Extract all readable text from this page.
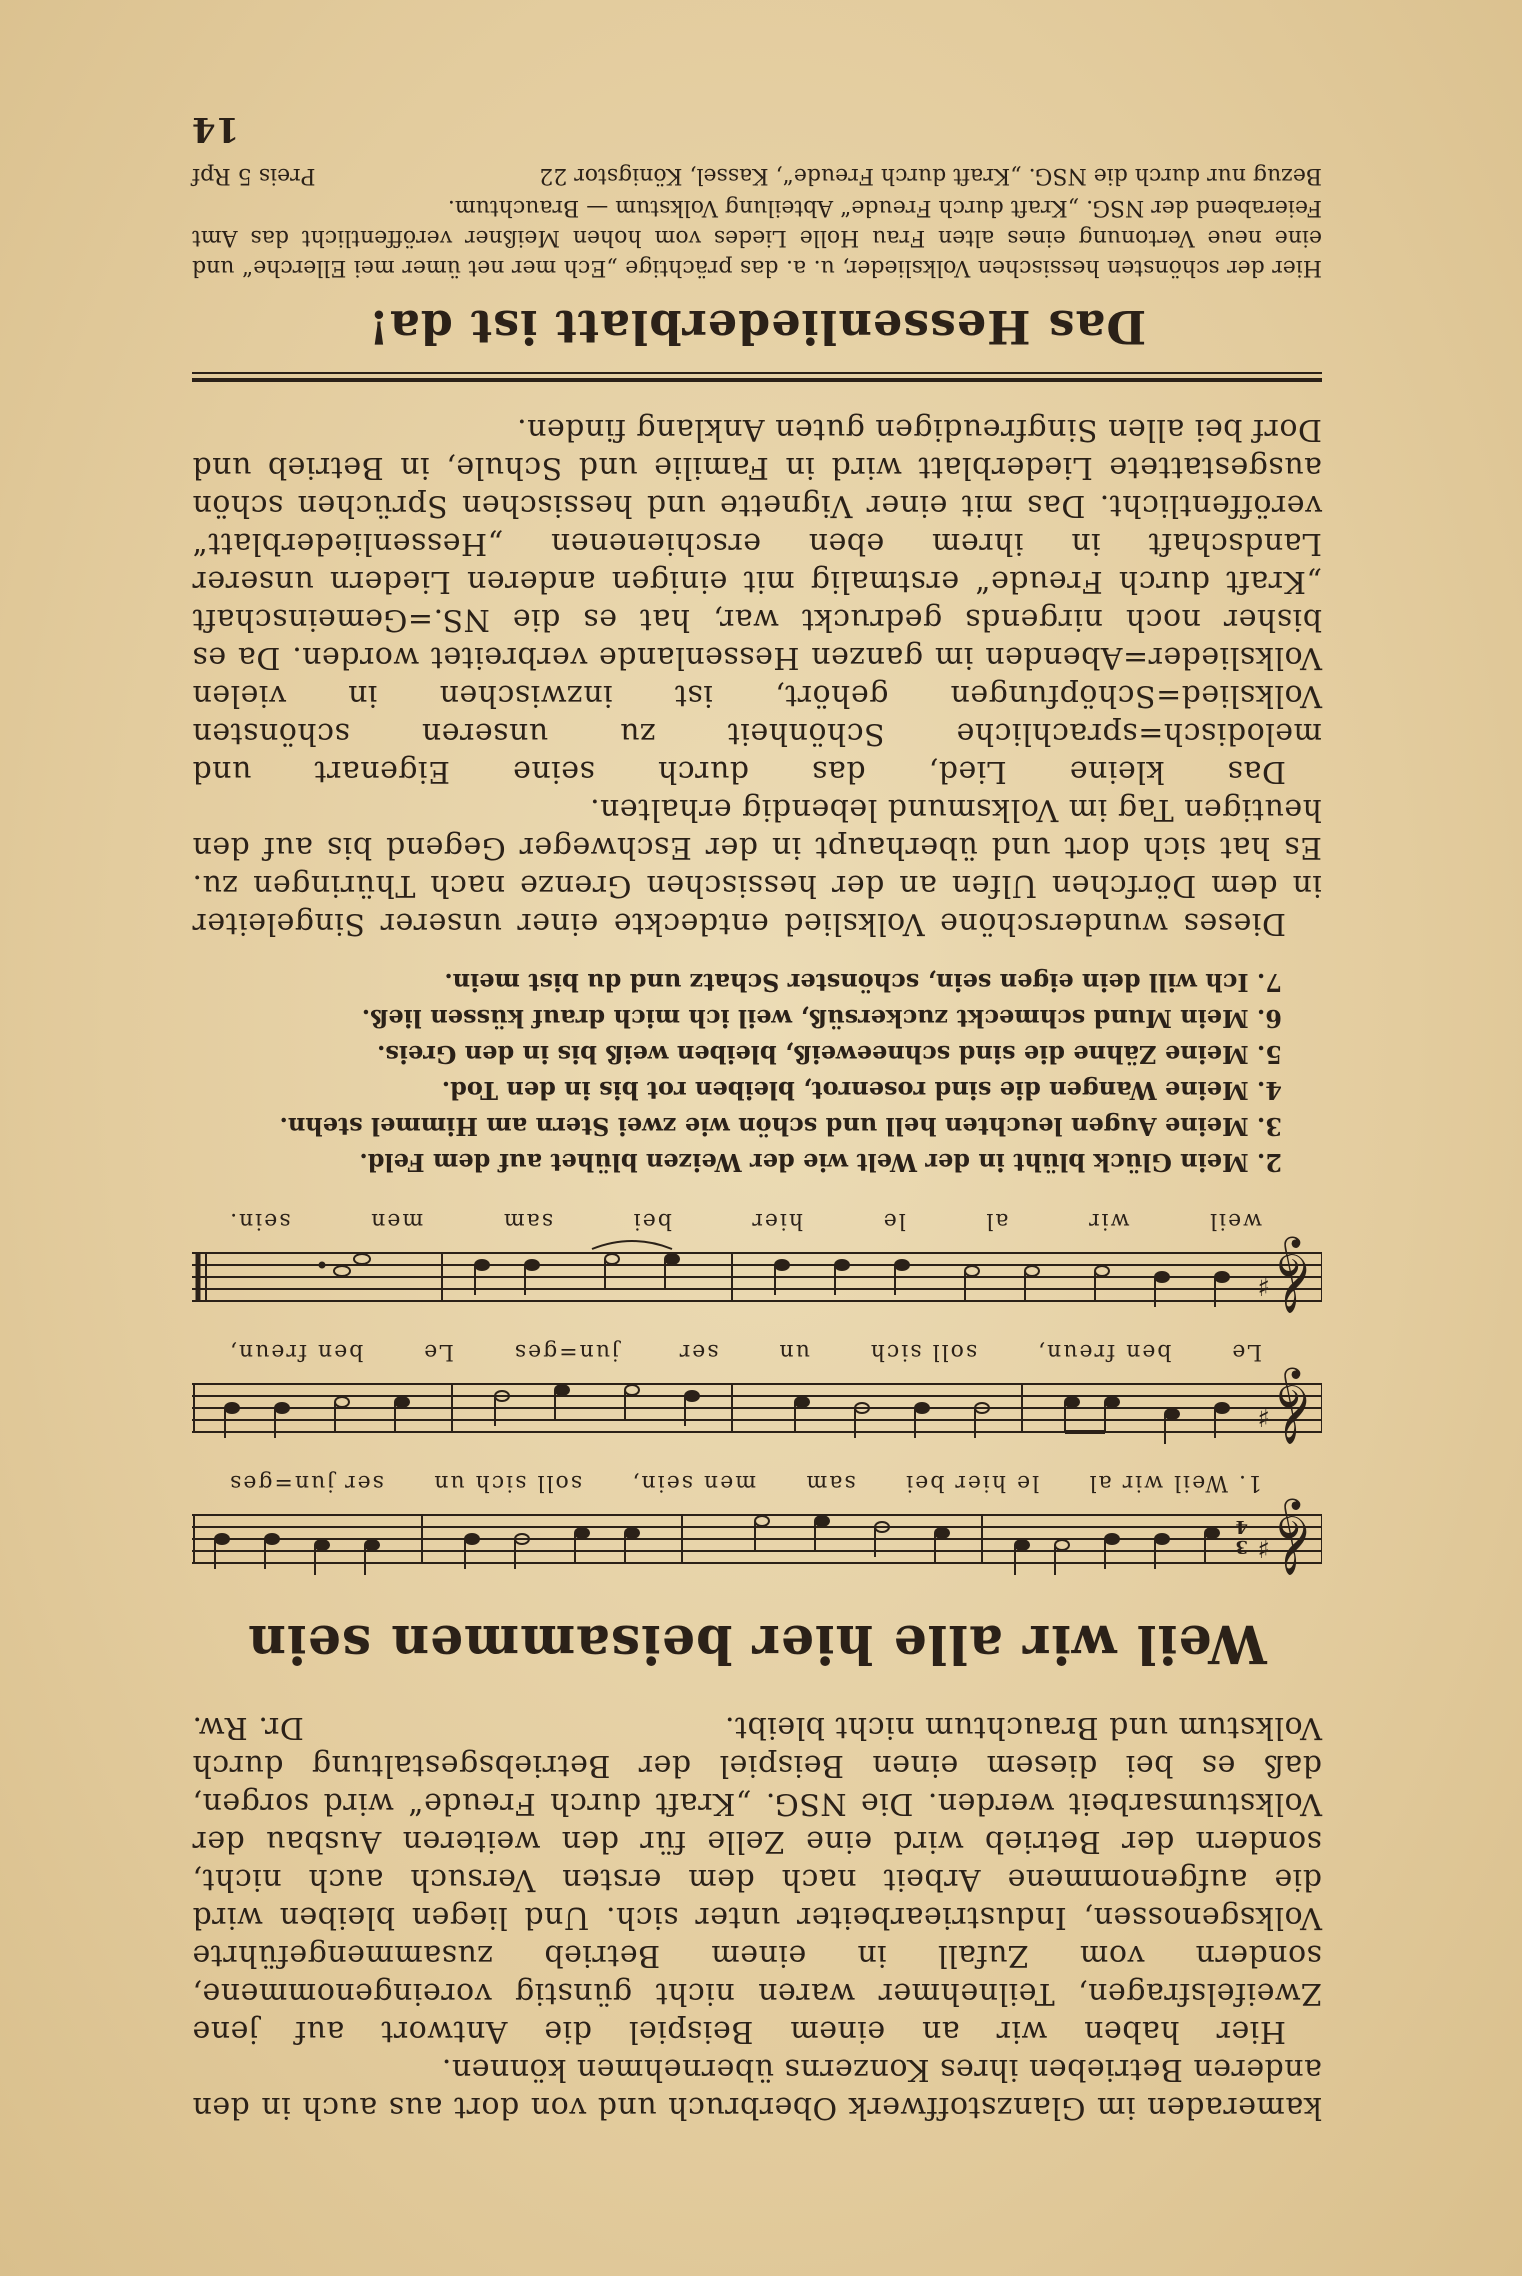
kameraden im Glanzstoffwerk Oberbruch und von dort aus auch in den anderen Betrieben ihres Konzerns übernehmen können.

Hier haben wir an einem Beispiel die Antwort auf jene Zweifelsfragen, Teilnehmer waren nicht günstig voreingenommene, sondern vom Zufall in einem Betrieb zusammengeführte Volksgenossen, Industriearbeiter unter sich. Und liegen bleiben wird die aufgenommene Arbeit nach dem ersten Versuch auch nicht, sondern der Betrieb wird eine Zelle für den weiteren Ausbau der Volkstumsarbeit werden. Die NSG. „Kraft durch Freude“ wird sorgen, daß es bei diesem einen Beispiel der Betriebsgestaltung durch Volkstum und Brauchtum nicht bleibt.

Dr. Rw.
Weil wir alle hier beisammen sein
𝄞
♯
3
4
1. Weil wir al
le hier bei
sam
men sein,
soll sich un
ser jun=ges
𝄞
♯
Le
ben freun,
soll sich
un
ser
jun=ges
Le
ben freun,
𝄞
♯
weil
wir
al
le
hier
bei
sam
men
sein.

2. Mein Glück blüht in der Welt wie der Weizen blühet auf dem Feld.

3. Meine Augen leuchten hell und schön wie zwei Stern am Himmel stehn.

4. Meine Wangen die sind rosenrot, bleiben rot bis in den Tod.

5. Meine Zähne die sind schneeweiß, bleiben weiß bis in den Greis.

6. Mein Mund schmeckt zuckersüß, weil ich mich drauf küssen ließ.

7. Ich will dein eigen sein, schönster Schatz und du bist mein.

Dieses wunderschöne Volkslied entdeckte einer unserer Singeleiter in dem Dörfchen Ulfen an der hessischen Grenze nach Thüringen zu. Es hat sich dort und überhaupt in der Eschweger Gegend bis auf den heutigen Tag im Volksmund lebendig erhalten.

Das kleine Lied, das durch seine Eigenart und melodisch=sprachliche Schönheit zu unseren schönsten Volkslied=Schöpfungen gehört, ist inzwischen in vielen Volkslieder=Abenden im ganzen Hessenlande verbreitet worden. Da es bisher noch nirgends gedruckt war, hat es die NS.=Gemeinschaft „Kraft durch Freude“ erstmalig mit einigen anderen Liedern unserer Landschaft in ihrem eben erschienenen „Hessenliederblatt“ veröffentlicht. Das mit einer Vignette und hessischen Sprüchen schön ausgestattete Liederblatt wird in Familie und Schule, in Betrieb und Dorf bei allen Singfreudigen guten Anklang finden.

Das Hessenliederblatt ist da!

Hier der schönsten hessischen Volkslieder, u. a. das prächtige „Ech mer net ümer mei Ellerche“ und eine neue Vertonung eines alten Frau Holle Liedes vom hohen Meißner veröffentlicht das Amt Feierabend der NSG. „Kraft durch Freude“ Abteilung Volkstum — Brauchtum.

Bezug nur durch die NSG. „Kraft durch Freude“, Kassel, Königstor 22
Preis 5 Rpf
14
